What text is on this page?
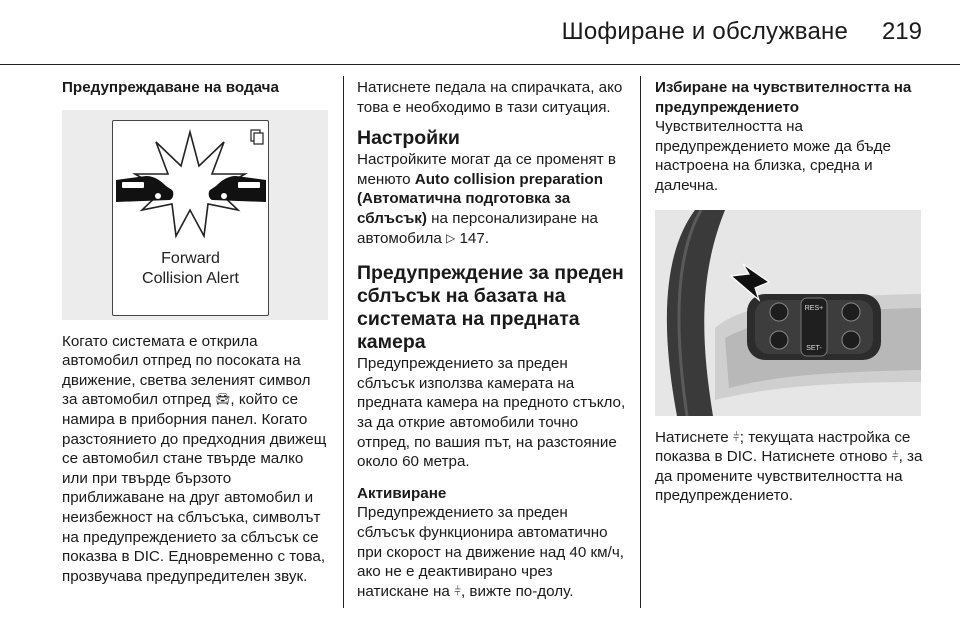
Шофиране и обслужване 219
Предупреждаване на водача
Forward
Collision Alert

Когато системата е открила автомобил отпред по посоката на движение, светва зеленият символ за автомобил отпред 🚘︎, който се намира в приборния панел. Когато разстоянието до предходния движещ се автомобил стане твърде малко или при твърде бързото приближаване на друг автомобил и неизбежност на сблъсъка, символът на предупреждението за сблъсък се показва в DIC. Едновременно с това, прозвучава предупредителен звук.

Натиснете педала на спирачката, ако това е необходимо в тази ситуация.

Настройки

Настройките могат да се променят в менюто Auto collision preparation (Автоматична подготовка за сблъсък) на персонализиране на автомобила ▷ 147.

Предупреждение за преден сблъсък на базата на системата на предната камера

Предупреждението за преден сблъсък използва камерата на предната камера на предното стъкло, за да открие автомобили точно отпред, по вашия път, на разстояние около 60 метра.

Активиране

Предупреждението за преден сблъсък функционира автоматично при скорост на движение над 40 км/ч, ако не е деактивирано чрез натискане на ⫩, вижте по-долу.

Избиране на чувствителността на предупреждението

Чувствителността на предупреждението може да бъде настроена на близка, средна и далечна.

RES+
SET-

Натиснете ⫩; текущата настройка се показва в DIC. Натиснете отново ⫩, за да промените чувствителността на предупреждението.
